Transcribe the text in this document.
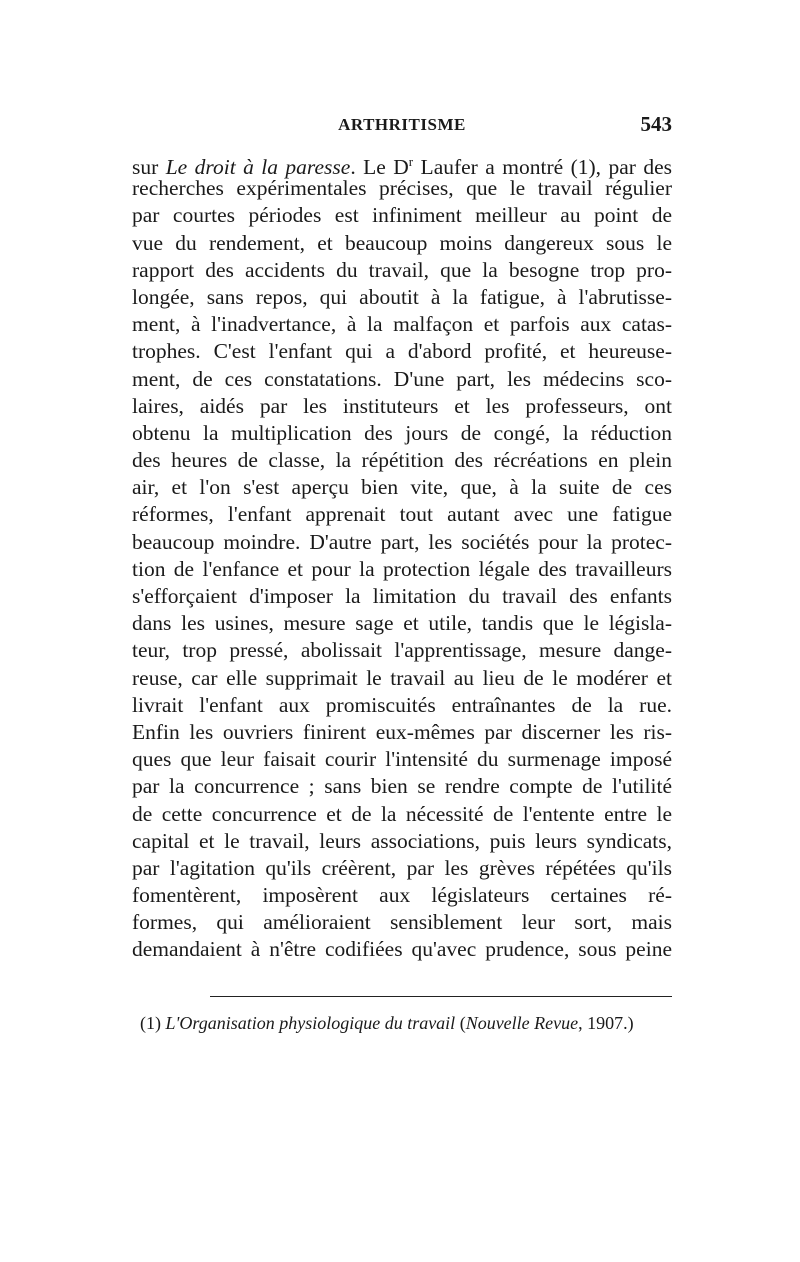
ARTHRITISME	543
sur Le droit à la paresse. Le $D^r$ Laufer a montré (1), par des
recherches expérimentales précises, que le travail régulier
par courtes périodes est infiniment meilleur au point de
vue du rendement, et beaucoup moins dangereux sous le
rapport des accidents du travail, que la besogne trop pro-
longée, sans repos, qui aboutit à la fatigue, à l'abrutisse-
ment, à l'inadvertance, à la malfaçon et parfois aux catas-
trophes. C'est l'enfant qui a d'abord profité, et heureuse-
ment, de ces constatations. D'une part, les médecins sco-
laires, aidés par les instituteurs et les professeurs, ont
obtenu la multiplication des jours de congé, la réduction
des heures de classe, la répétition des récréations en plein
air, et l'on s'est aperçu bien vite, que, à la suite de ces
réformes, l'enfant apprenait tout autant avec une fatigue
beaucoup moindre. D'autre part, les sociétés pour la protec-
tion de l'enfance et pour la protection légale des travailleurs
s'efforçaient d'imposer la limitation du travail des enfants
dans les usines, mesure sage et utile, tandis que le législa-
teur, trop pressé, abolissait l'apprentissage, mesure dange-
reuse, car elle supprimait le travail au lieu de le modérer et
livrait l'enfant aux promiscuités entraînantes de la rue.
Enfin les ouvriers finirent eux-mêmes par discerner les ris-
ques que leur faisait courir l'intensité du surmenage imposé
par la concurrence ; sans bien se rendre compte de l'utilité
de cette concurrence et de la nécessité de l'entente entre le
capital et le travail, leurs associations, puis leurs syndicats,
par l'agitation qu'ils créèrent, par les grèves répétées qu'ils
fomentèrent, imposèrent aux législateurs certaines ré-
formes, qui amélioraient sensiblement leur sort, mais
demandaient à n'être codifiées qu'avec prudence, sous peine
(1) L'Organisation physiologique du travail (Nouvelle Revue, 1907.)
